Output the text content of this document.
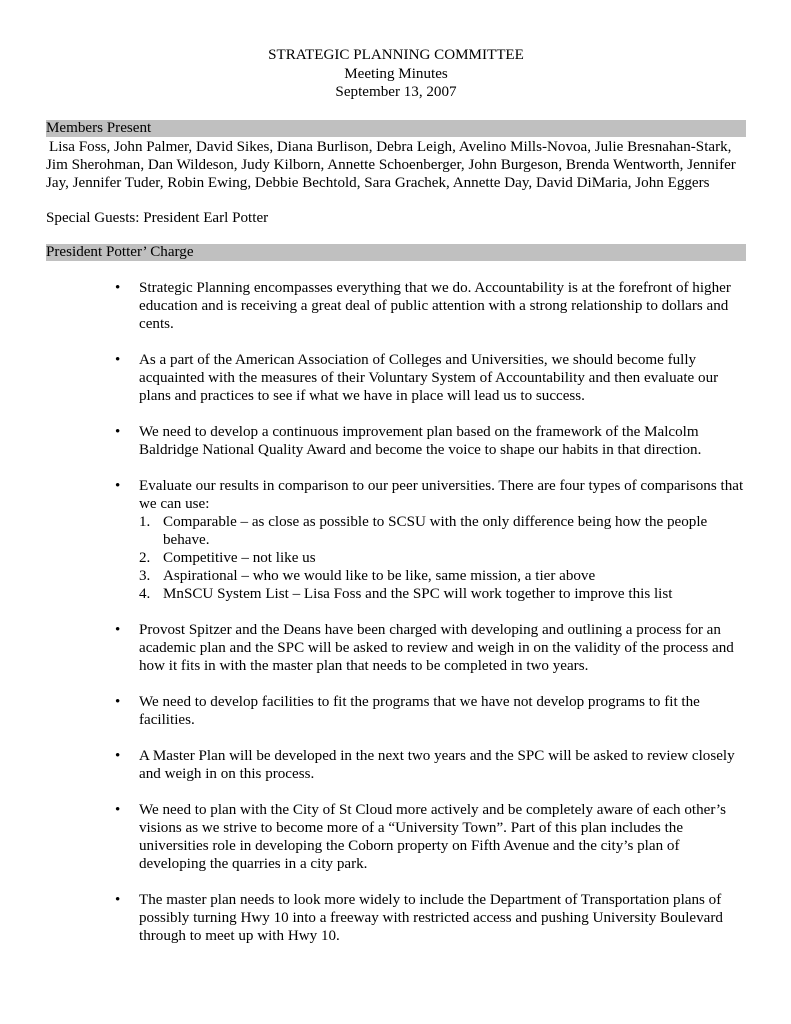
STRATEGIC PLANNING COMMITTEE
Meeting Minutes
September 13, 2007
Members Present
Lisa Foss, John Palmer, David Sikes, Diana Burlison, Debra Leigh, Avelino Mills-Novoa, Julie Bresnahan-Stark, Jim Sherohman, Dan Wildeson, Judy Kilborn, Annette Schoenberger, John Burgeson, Brenda Wentworth, Jennifer Jay, Jennifer Tuder, Robin Ewing, Debbie Bechtold, Sara Grachek, Annette Day, David DiMaria, John Eggers
Special Guests: President Earl Potter
President Potter’ Charge
• Strategic Planning encompasses everything that we do. Accountability is at the forefront of higher education and is receiving a great deal of public attention with a strong relationship to dollars and cents.
• As a part of the American Association of Colleges and Universities, we should become fully acquainted with the measures of their Voluntary System of Accountability and then evaluate our plans and practices to see if what we have in place will lead us to success.
• We need to develop a continuous improvement plan based on the framework of the Malcolm Baldridge National Quality Award and become the voice to shape our habits in that direction.
• Evaluate our results in comparison to our peer universities. There are four types of comparisons that we can use:
1. Comparable – as close as possible to SCSU with the only difference being how the people behave.
2. Competitive – not like us
3. Aspirational – who we would like to be like, same mission, a tier above
4. MnSCU System List – Lisa Foss and the SPC will work together to improve this list
• Provost Spitzer and the Deans have been charged with developing and outlining a process for an academic plan and the SPC will be asked to review and weigh in on the validity of the process and how it fits in with the master plan that needs to be completed in two years.
• We need to develop facilities to fit the programs that we have not develop programs to fit the facilities.
• A Master Plan will be developed in the next two years and the SPC will be asked to review closely and weigh in on this process.
• We need to plan with the City of St Cloud more actively and be completely aware of each other’s visions as we strive to become more of a “University Town”. Part of this plan includes the universities role in developing the Coborn property on Fifth Avenue and the city’s plan of developing the quarries in a city park.
• The master plan needs to look more widely to include the Department of Transportation plans of possibly turning Hwy 10 into a freeway with restricted access and pushing University Boulevard through to meet up with Hwy 10.
